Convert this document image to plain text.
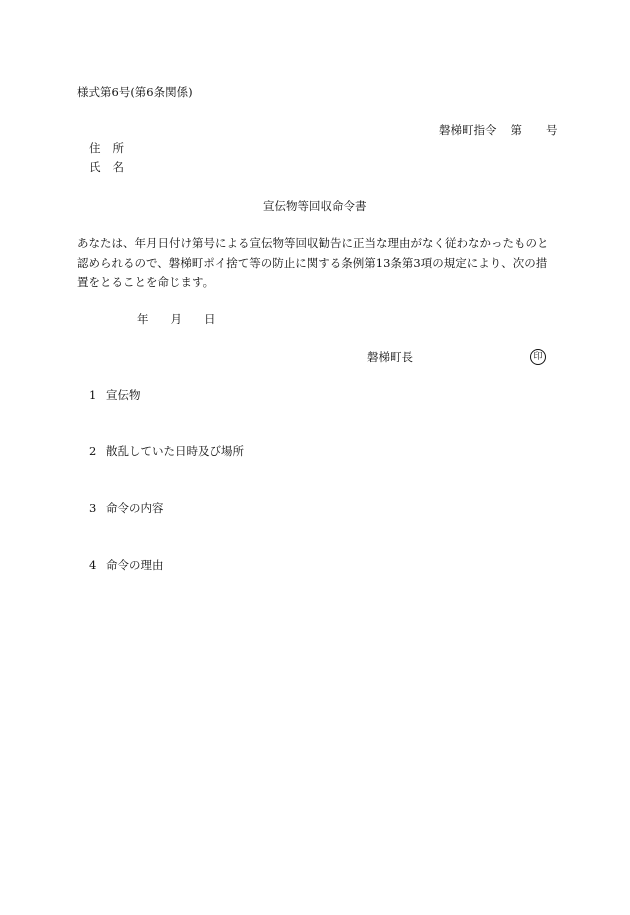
様式第6号(第6条関係)
磐梯町指令 第 号
住 所
氏 名
宣伝物等回収命令書
あなたは、年月日付け第号による宣伝物等回収勧告に正当な理由がなく従わなかったものと認められるので、磐梯町ポイ捨て等の防止に関する条例第13条第3項の規定により、次の措置をとることを命じます。
年 月 日
磐梯町長	印
1 宣伝物
2 散乱していた日時及び場所
3 命令の内容
4 命令の理由
